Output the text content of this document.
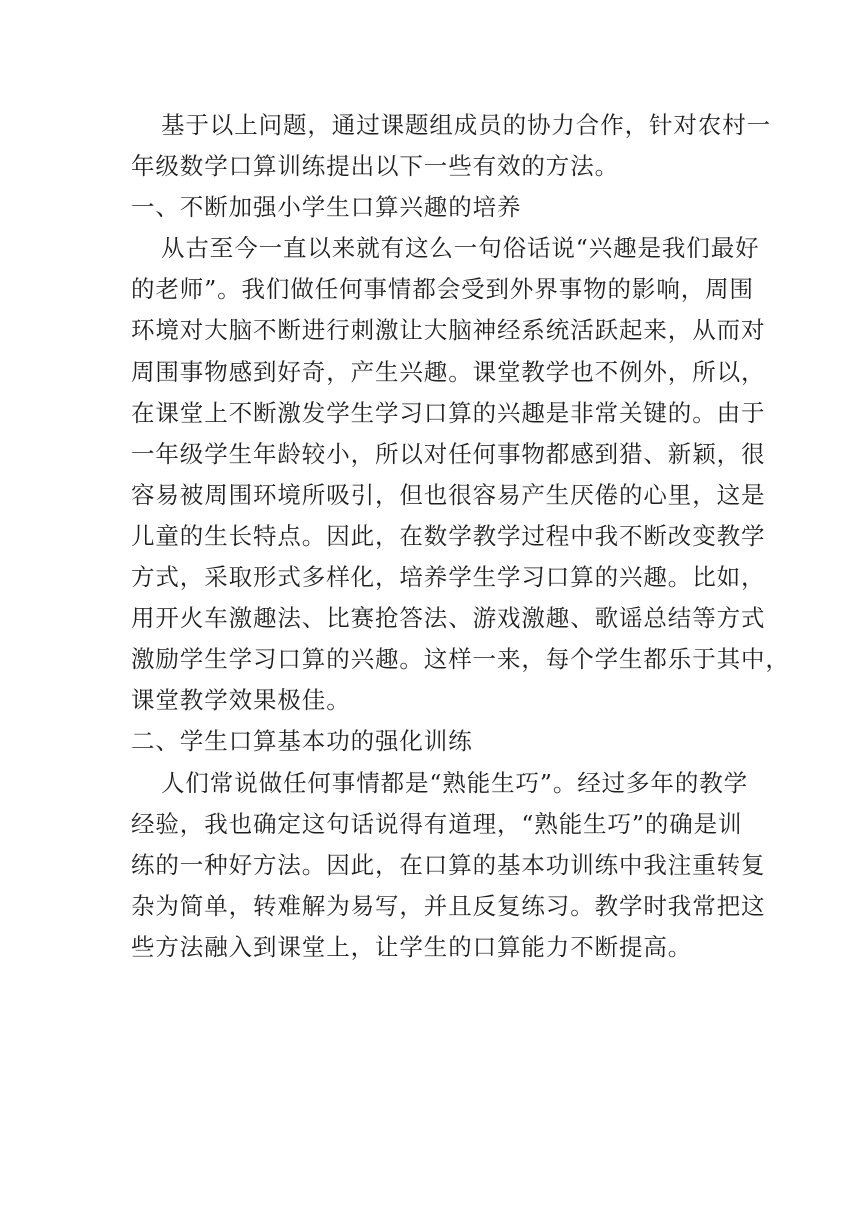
基于以上问题，通过课题组成员的协力合作，针对农村一
年级数学口算训练提出以下一些有效的方法。
一、不断加强小学生口算兴趣的培养
从古至今一直以来就有这么一句俗话说“兴趣是我们最好
的老师”。我们做任何事情都会受到外界事物的影响，周围
环境对大脑不断进行刺激让大脑神经系统活跃起来，从而对
周围事物感到好奇，产生兴趣。课堂教学也不例外，所以，
在课堂上不断激发学生学习口算的兴趣是非常关键的。由于
一年级学生年龄较小，所以对任何事物都感到猎、新颖，很
容易被周围环境所吸引，但也很容易产生厌倦的心里，这是
儿童的生长特点。因此，在数学教学过程中我不断改变教学
方式，采取形式多样化，培养学生学习口算的兴趣。比如，
用开火车激趣法、比赛抢答法、游戏激趣、歌谣总结等方式
激励学生学习口算的兴趣。这样一来，每个学生都乐于其中，
课堂教学效果极佳。
二、学生口算基本功的强化训练
人们常说做任何事情都是“熟能生巧”。经过多年的教学
经验，我也确定这句话说得有道理，“熟能生巧”的确是训
练的一种好方法。因此，在口算的基本功训练中我注重转复
杂为简单，转难解为易写，并且反复练习。教学时我常把这
些方法融入到课堂上，让学生的口算能力不断提高。
